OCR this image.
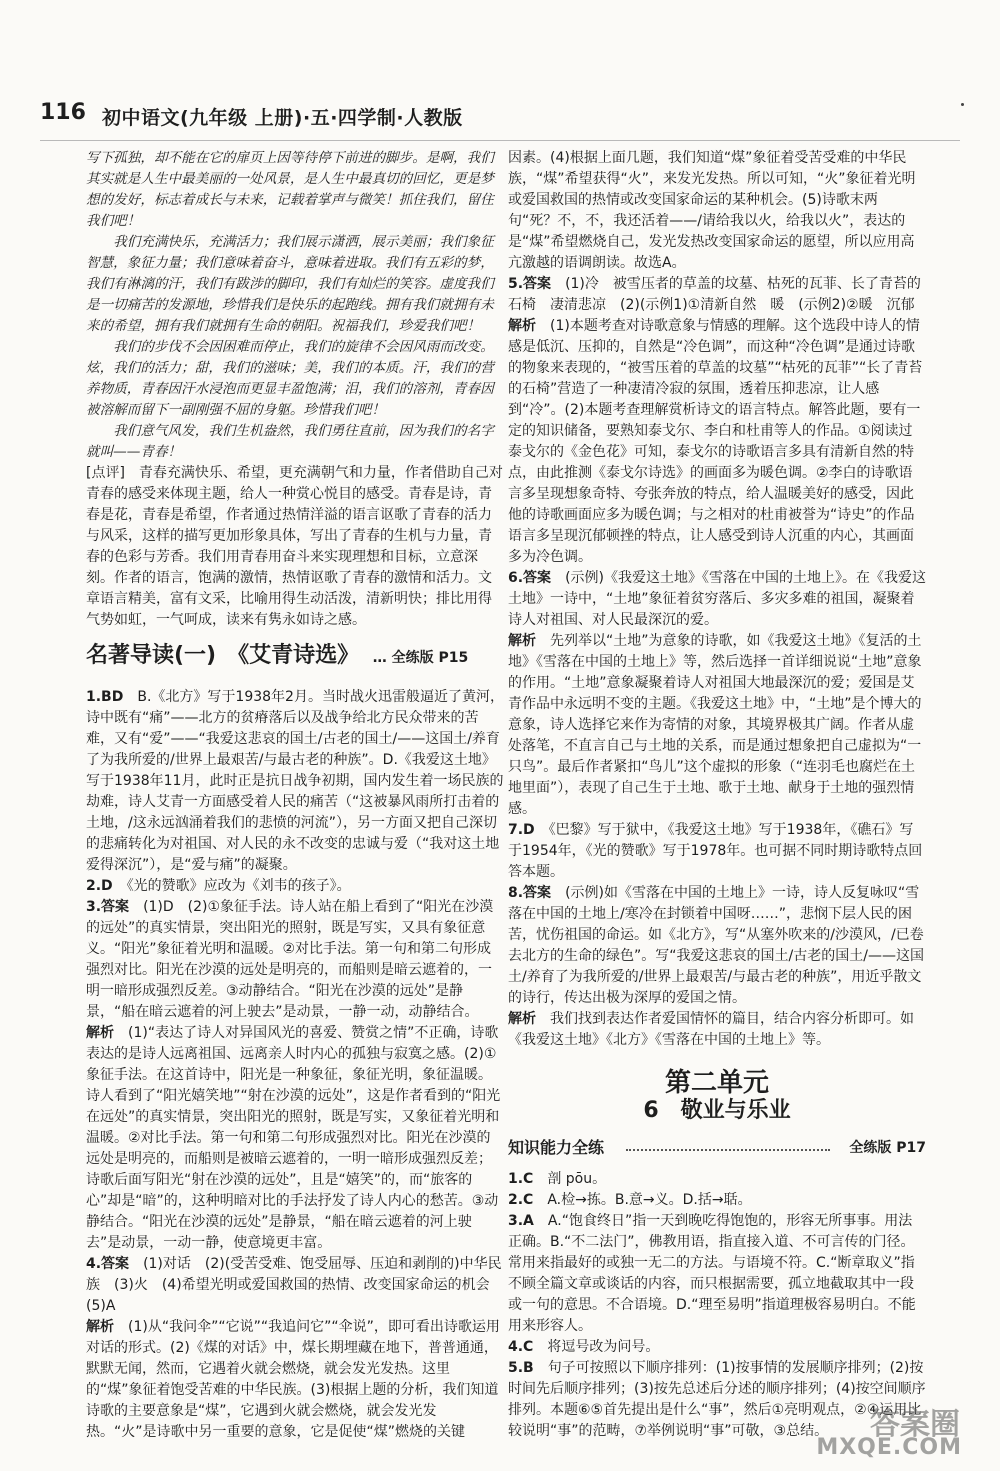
116 初中语文(九年级 上册)·五·四学制·人教版

写下孤独，却不能在它的扉页上因等待停下前进的脚步。是啊，我们其实就是人生中最美丽的一处风景，是人生中最真切的回忆，更是梦想的发好，标志着成长与未来，记载着掌声与微笑！抓住我们，留住我们吧！

我们充满快乐，充满活力；我们展示潇洒，展示美丽；我们象征智慧，象征力量；我们意味着奋斗，意味着进取。我们有五彩的梦，我们有淋漓的汗，我们有跋涉的脚印，我们有灿烂的笑容。虚度我们是一切痛苦的发源地，珍惜我们是快乐的起跑线。拥有我们就拥有未来的希望，拥有我们就拥有生命的朝阳。祝福我们，珍爱我们吧！

我们的步伐不会因困难而停止，我们的旋律不会因风雨而改变。炫，我们的活力；甜，我们的滋味；美，我们的本质。汗，我们的营养物质，青春因汗水浸泡而更显丰盈饱满；泪，我们的溶剂，青春因被溶解而留下一副刚强不屈的身躯。珍惜我们吧！

我们意气风发，我们生机盎然，我们勇往直前，因为我们的名字就叫——青春！

[点评]　青春充满快乐、希望，更充满朝气和力量，作者借助自己对青春的感受来体现主题，给人一种赏心悦目的感受。青春是诗，青春是花，青春是希望，作者通过热情洋溢的语言讴歌了青春的活力与风采，这样的描写更加形象具体，写出了青春的生机与力量，青春的色彩与芳香。我们用青春用奋斗来实现理想和目标，立意深刻。作者的语言，饱满的激情，热情讴歌了青春的激情和活力。文章语言精美，富有文采，比喻用得生动活泼，清新明快；排比用得气势如虹，一气呵成，读来有隽永如诗之感。

名著导读(一)　《艾青诗选》 … 全练版 P15

1.BD　 B.《北方》写于1938年2月。当时战火迅雷般逼近了黄河，诗中既有“痛”——北方的贫瘠落后以及战争给北方民众带来的苦难，又有“爱”——“我爱这悲哀的国土/古老的国土/——这国土/养育了为我所爱的/世界上最艰苦/与最古老的种族”。D.《我爱这土地》写于1938年11月，此时正是抗日战争初期，国内发生着一场民族的劫难，诗人艾青一方面感受着人民的痛苦（“这被暴风雨所打击着的土地，/这永远汹涌着我们的悲愤的河流”），另一方面又把自己深切的悲痛转化为对祖国、对人民的永不改变的忠诚与爱（“我对这土地爱得深沉”），是“爱与痛”的凝聚。

2.D　 《光的赞歌》应改为《刘韦的孩子》。

3.答案　 (1)D　(2)①象征手法。诗人站在船上看到了“阳光在沙漠的远处”的真实情景，突出阳光的照射，既是写实，又具有象征意义。“阳光”象征着光明和温暖。②对比手法。第一句和第二句形成强烈对比。阳光在沙漠的远处是明亮的，而船则是暗云遮着的，一明一暗形成强烈反差。③动静结合。“阳光在沙漠的远处”是静景，“船在暗云遮着的河上驶去”是动景，一静一动，动静结合。

解析　 (1)“表达了诗人对异国风光的喜爱、赞赏之情”不正确，诗歌表达的是诗人远离祖国、远离亲人时内心的孤独与寂寞之感。(2)①象征手法。在这首诗中，阳光是一种象征，象征光明，象征温暖。诗人看到了“阳光嬉笑地”“射在沙漠的远处”，这是作者看到的“阳光在远处”的真实情景，突出阳光的照射，既是写实，又象征着光明和温暖。②对比手法。第一句和第二句形成强烈对比。阳光在沙漠的远处是明亮的，而船则是被暗云遮着的，一明一暗形成强烈反差；诗歌后面写阳光“射在沙漠的远处”，且是“嬉笑”的，而“旅客的心”却是“暗”的，这种明暗对比的手法抒发了诗人内心的愁苦。③动静结合。“阳光在沙漠的远处”是静景，“船在暗云遮着的河上驶去”是动景，一动一静，使意境更丰富。

4.答案　 (1)对话　(2)(受苦受难、饱受屈辱、压迫和剥削的)中华民族　(3)火　(4)希望光明或爱国救国的热情、改变国家命运的机会　(5)A

解析　 (1)从“我问伞”“它说”“我追问它”“伞说”，即可看出诗歌运用对话的形式。(2)《煤的对话》中，煤长期埋藏在地下，普普通通，默默无闻，然而，它遇着火就会燃烧，就会发光发热。这里的“煤”象征着饱受苦难的中华民族。(3)根据上题的分析，我们知道诗歌的主要意象是“煤”，它遇到火就会燃烧，就会发光发热。“火”是诗歌中另一重要的意象，它是促使“煤”燃烧的关键

因素。(4)根据上面几题，我们知道“煤”象征着受苦受难的中华民族，“煤”希望获得“火”，来发光发热。所以可知，“火”象征着光明或爱国救国的热情或改变国家命运的某种机会。(5)诗歌末两句“死？不，不，我还活着——/请给我以火，给我以火”，表达的是“煤”希望燃烧自己，发光发热改变国家命运的愿望，所以应用高亢激越的语调朗读。故选A。

5.答案　 (1)冷　被雪压者的草盖的坟墓、枯死的瓦菲、长了青苔的石椅　凄清悲凉　(2)(示例1)①清新自然　暖　(示例2)②暖　沉郁

解析　 (1)本题考查对诗歌意象与情感的理解。这个选段中诗人的情感是低沉、压抑的，自然是“冷色调”，而这种“冷色调”是通过诗歌的物象来表现的，“被雪压着的草盖的坟墓”“枯死的瓦菲”“长了青苔的石椅”营造了一种凄清冷寂的氛围，透着压抑悲凉，让人感到“冷”。(2)本题考查理解赏析诗文的语言特点。解答此题，要有一定的知识储备，要熟知泰戈尔、李白和杜甫等人的作品。①阅读过泰戈尔的《金色花》可知，泰戈尔的诗歌语言多具有清新自然的特点，由此推测《泰戈尔诗选》的画面多为暖色调。②李白的诗歌语言多呈现想象奇特、夸张奔放的特点，给人温暖美好的感受，因此他的诗歌画面应多为暖色调；与之相对的杜甫被誉为“诗史”的作品语言多呈现沉郁顿挫的特点，让人感受到诗人沉重的内心，其画面多为冷色调。

6.答案　 (示例)《我爱这土地》《雪落在中国的土地上》。在《我爱这土地》一诗中，“土地”象征着贫穷落后、多灾多难的祖国，凝聚着诗人对祖国、对人民最深沉的爱。

解析　 先列举以“土地”为意象的诗歌，如《我爱这土地》《复活的土地》《雪落在中国的土地上》等，然后选择一首详细说说“土地”意象的作用。“土地”意象凝聚着诗人对祖国大地最深沉的爱；爱国是艾青作品中永远明不变的主题。《我爱这土地》中，“土地”是个博大的意象，诗人选择它来作为寄情的对象，其境界极其广阔。作者从虚处落笔，不直言自己与土地的关系，而是通过想象把自己虚拟为“一只鸟”。最后作者紧扣“鸟儿”这个虚拟的形象（“连羽毛也腐烂在土地里面”），表现了自己生于土地、歌于土地、献身于土地的强烈情感。

7.D　 《巴黎》写于狱中，《我爱这土地》写于1938年，《礁石》写于1954年，《光的赞歌》写于1978年。也可据不同时期诗歌特点回答本题。

8.答案　 (示例)如《雪落在中国的土地上》一诗，诗人反复咏叹“雪落在中国的土地上/寒冷在封锁着中国呀……”，悲悯下层人民的困苦，忧伤祖国的命运。如《北方》，写“从塞外吹来的/沙漠风，/已卷去北方的生命的绿色”。写“我爱这悲哀的国土/古老的国土/——这国土/养育了为我所爱的/世界上最艰苦/与最古老的种族”，用近乎散文的诗行，传达出极为深厚的爱国之情。

解析　 我们找到表达作者爱国情怀的篇目，结合内容分析即可。如《我爱这土地》《北方》《雪落在中国的土地上》等。

第二单元
6 敬业与乐业
知识能力全练	全练版 P17

1.C　 剖 pōu。

2.C　 A.检→拣。B.意→义。D.括→聒。

3.A　 A.“饱食终日”指一天到晚吃得饱饱的，形容无所事事。用法正确。B.“不二法门”，佛教用语，指直接入道、不可言传的门径。常用来指最好的或独一无二的方法。与语境不符。C.“断章取义”指不顾全篇文章或谈话的内容，而只根据需要，孤立地截取其中一段或一句的意思。不合语境。D.“理至易明”指道理极容易明白。不能用来形容人。

4.C　 将逗号改为问号。

5.B　 句子可按照以下顺序排列：(1)按事情的发展顺序排列；(2)按时间先后顺序排列；(3)按先总述后分述的顺序排列；(4)按空间顺序排列。本题⑥⑤首先提出是什么“事”，然后①亮明观点，②④运用比较说明“事”的范畴，⑦举例说明“事”可敬，③总结。	答案圈
MXQE.COM
